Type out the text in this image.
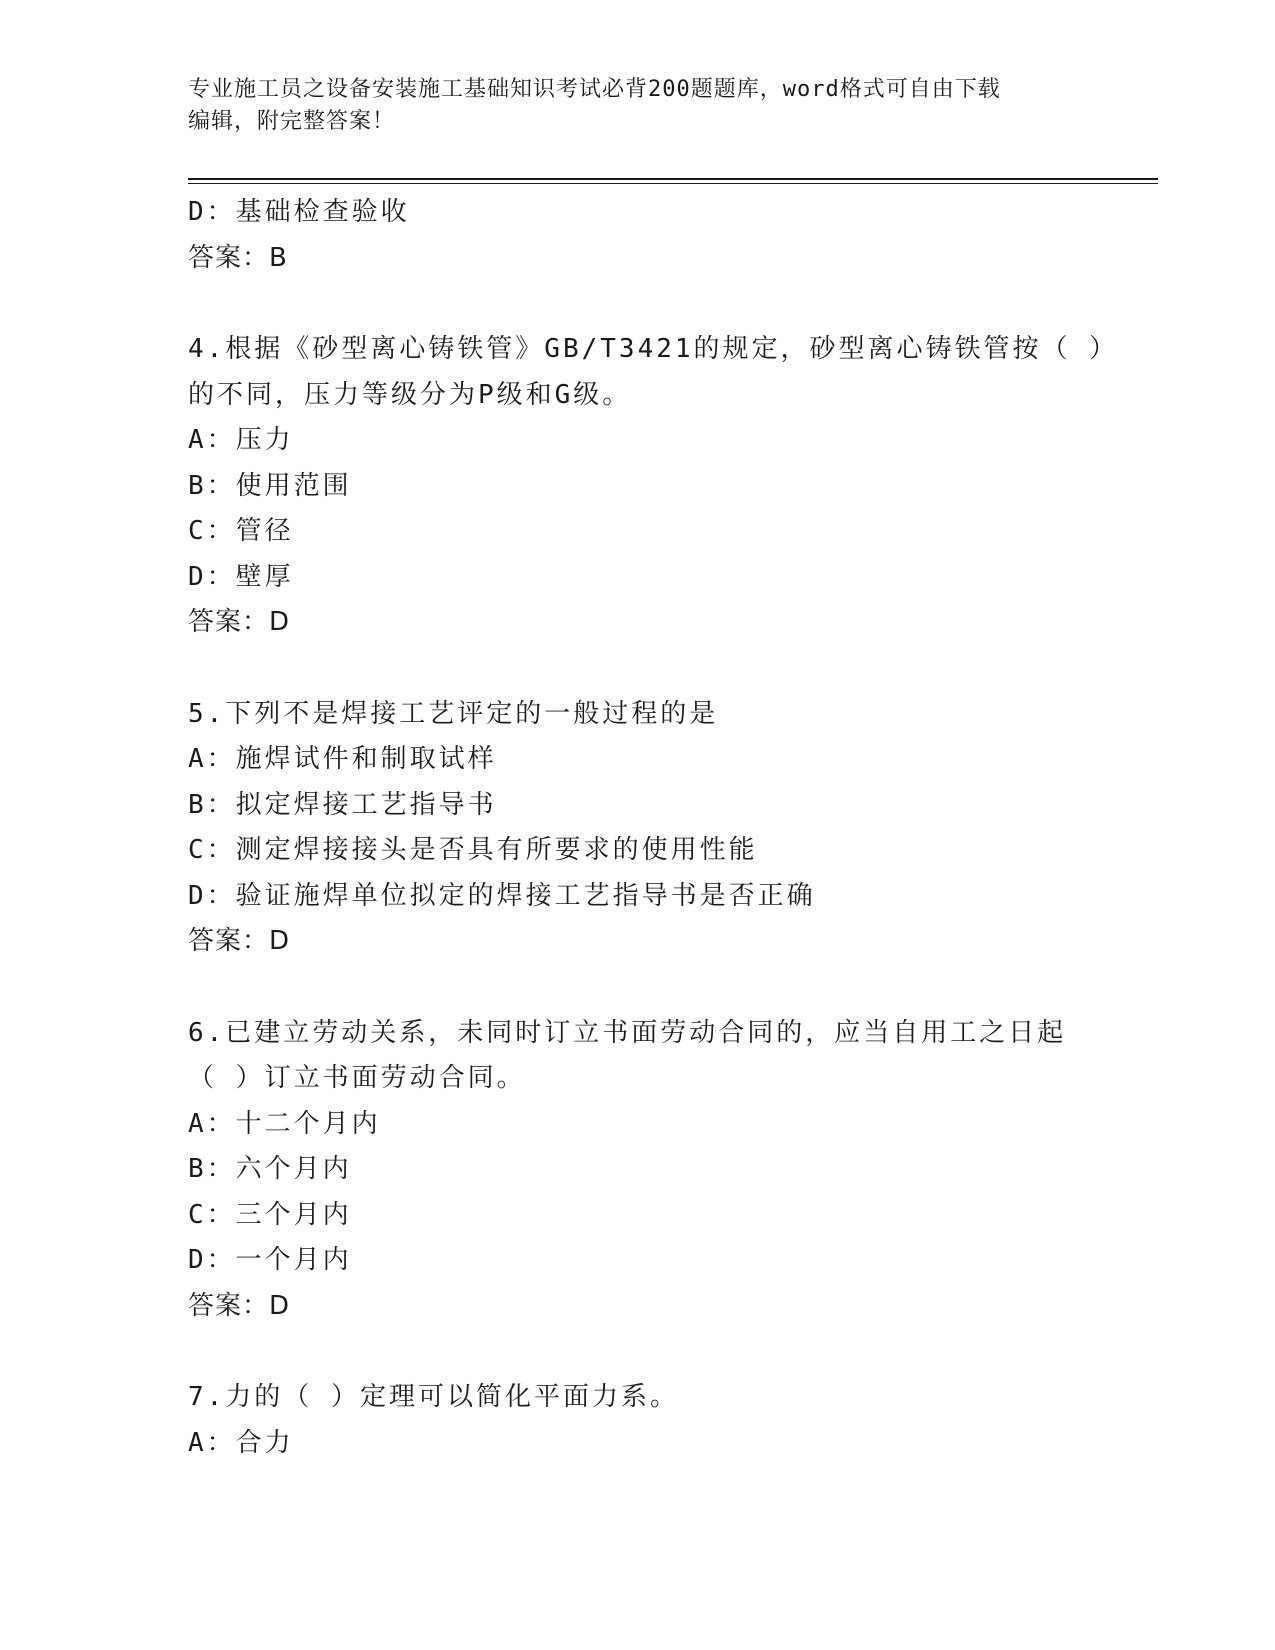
专业施工员之设备安装施工基础知识考试必背200题题库，word格式可自由下载
编辑，附完整答案！
D：基础检查验收
答案：B
4.根据《砂型离心铸铁管》GB/T3421的规定，砂型离心铸铁管按（ ）
的不同，压力等级分为P级和G级。
A：压力
B：使用范围
C：管径
D：壁厚
答案：D
5.下列不是焊接工艺评定的一般过程的是
A：施焊试件和制取试样
B：拟定焊接工艺指导书
C：测定焊接接头是否具有所要求的使用性能
D：验证施焊单位拟定的焊接工艺指导书是否正确
答案：D
6.已建立劳动关系，未同时订立书面劳动合同的，应当自用工之日起
（ ）订立书面劳动合同。
A：十二个月内
B：六个月内
C：三个月内
D：一个月内
答案：D
7.力的（ ）定理可以简化平面力系。
A：合力
